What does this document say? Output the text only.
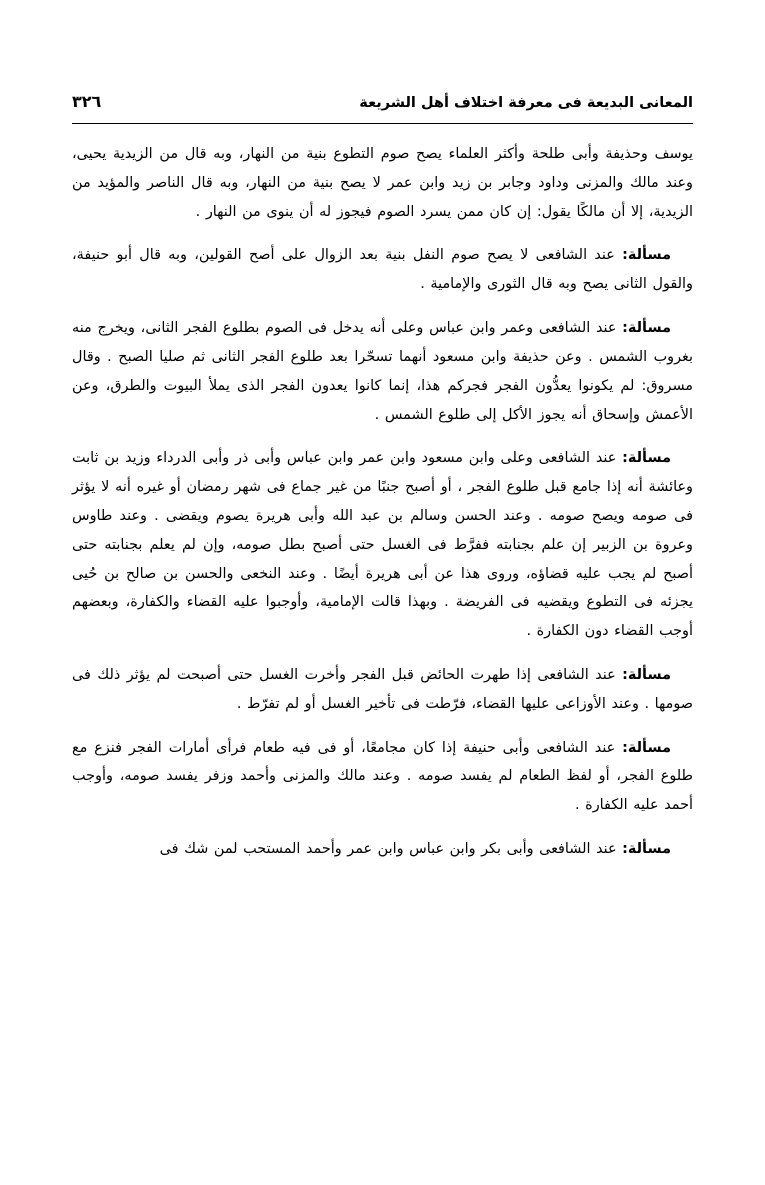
المعانى البديعة فى معرفة اختلاف أهل الشريعة
٣٢٦

يوسف وحذيفة وأبى طلحة وأكثر العلماء يصح صوم التطوع بنية من النهار، وبه قال من الزيدية يحيى، وعند مالك والمزنى وداود وجابر بن زيد وابن عمر لا يصح بنية من النهار، وبه قال الناصر والمؤيد من الزيدية، إلا أن مالكًا يقول: إن كان ممن يسرد الصوم فيجوز له أن ينوى من النهار .

مسألة: عند الشافعى لا يصح صوم النفل بنية بعد الزوال على أصح القولين، وبه قال أبو حنيفة، والقول الثانى يصح وبه قال الثورى والإمامية .

مسألة: عند الشافعى وعمر وابن عباس وعلى أنه يدخل فى الصوم بطلوع الفجر الثانى، ويخرج منه بغروب الشمس . وعن حذيفة وابن مسعود أنهما تسحّرا بعد طلوع الفجر الثانى ثم صليا الصبح . وقال مسروق: لم يكونوا يعدُّون الفجر فجركم هذا، إنما كانوا يعدون الفجر الذى يملأ البيوت والطرق، وعن الأعمش وإسحاق أنه يجوز الأكل إلى طلوع الشمس .

مسألة: عند الشافعى وعلى وابن مسعود وابن عمر وابن عباس وأبى ذر وأبى الدرداء وزيد بن ثابت وعائشة أنه إذا جامع قبل طلوع الفجر ، أو أصبح جنبًا من غير جماع فى شهر رمضان أو غيره أنه لا يؤثر فى صومه ويصح صومه . وعند الحسن وسالم بن عبد الله وأبى هريرة يصوم ويقضى . وعند طاوس وعروة بن الزبير إن علم بجنابته ففرَّط فى الغسل حتى أصبح بطل صومه، وإن لم يعلم بجنابته حتى أصبح لم يجب عليه قضاؤه، وروى هذا عن أبى هريرة أيضًا . وعند النخعى والحسن بن صالح بن حُيى يجزئه فى التطوع ويقضيه فى الفريضة . وبهذا قالت الإمامية، وأوجبوا عليه القضاء والكفارة، وبعضهم أوجب القضاء دون الكفارة .

مسألة: عند الشافعى إذا طهرت الحائض قبل الفجر وأخرت الغسل حتى أصبحت لم يؤثر ذلك فى صومها . وعند الأوزاعى عليها القضاء، فرّطت فى تأخير الغسل أو لم تفرّط .

مسألة: عند الشافعى وأبى حنيفة إذا كان مجامعًا، أو فى فيه طعام فرأى أمارات الفجر فنزع مع طلوع الفجر، أو لفظ الطعام لم يفسد صومه . وعند مالك والمزنى وأحمد وزفر يفسد صومه، وأوجب أحمد عليه الكفارة .

مسألة: عند الشافعى وأبى بكر وابن عباس وابن عمر وأحمد المستحب لمن شك فى
